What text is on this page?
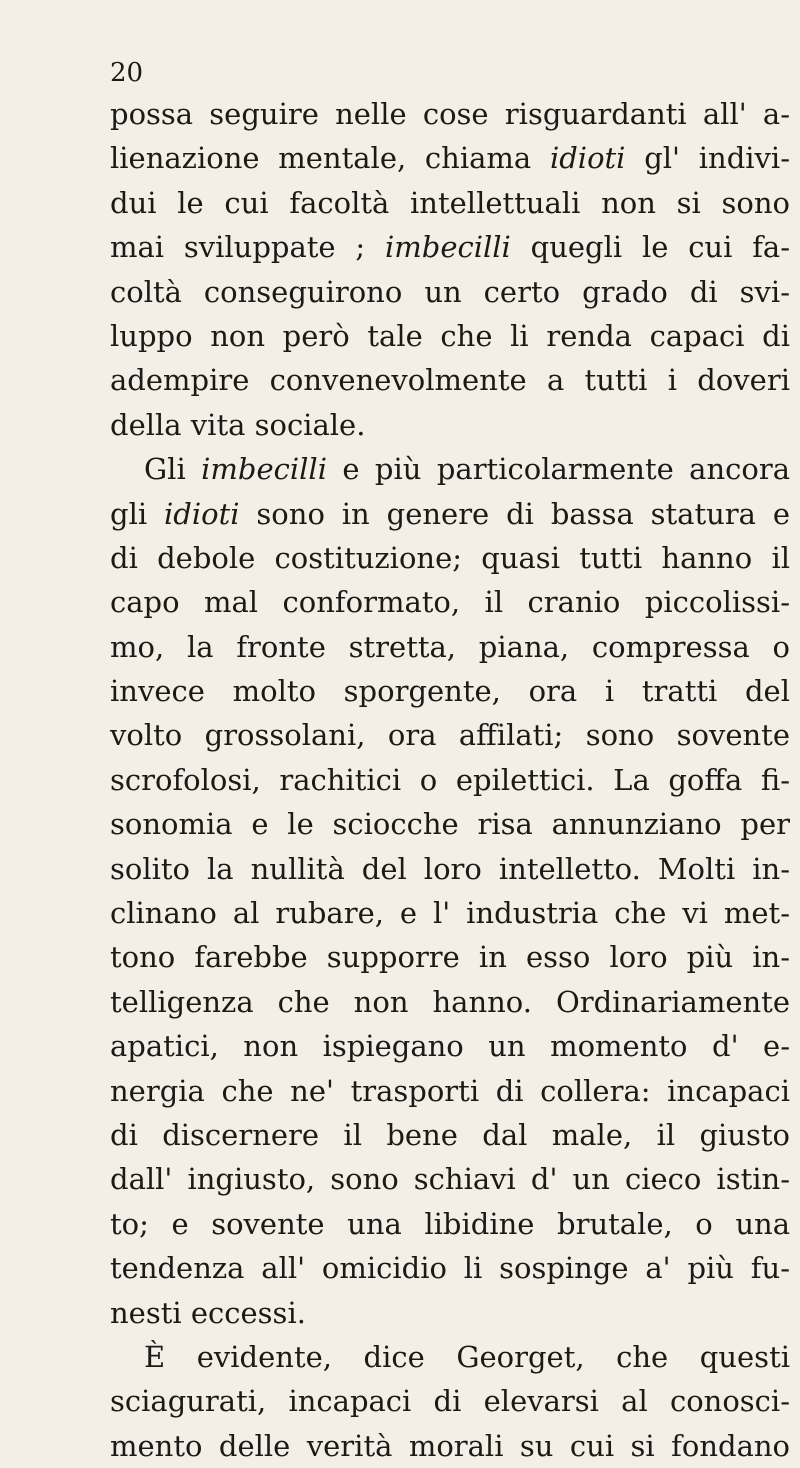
20
possa seguire nelle cose risguardanti all' a-
lienazione mentale, chiama idioti gl' indivi-
dui le cui facoltà intellettuali non si sono
mai sviluppate ; imbecilli quegli le cui fa-
coltà conseguirono un certo grado di svi-
luppo non però tale che li renda capaci di
adempire convenevolmente a tutti i doveri
della vita sociale.
Gli imbecilli e più particolarmente ancora
gli idioti sono in genere di bassa statura e
di debole costituzione; quasi tutti hanno il
capo mal conformato, il cranio piccolissi-
mo, la fronte stretta, piana, compressa o
invece molto sporgente, ora i tratti del
volto grossolani, ora affilati; sono sovente
scrofolosi, rachitici o epilettici. La goffa fi-
sonomia e le sciocche risa annunziano per
solito la nullità del loro intelletto. Molti in-
clinano al rubare, e l' industria che vi met-
tono farebbe supporre in esso loro più in-
telligenza che non hanno. Ordinariamente
apatici, non ispiegano un momento d' e-
nergia che ne' trasporti di collera: incapaci
di discernere il bene dal male, il giusto
dall' ingiusto, sono schiavi d' un cieco istin-
to; e sovente una libidine brutale, o una
tendenza all' omicidio li sospinge a' più fu-
nesti eccessi.
È evidente, dice Georget, che questi
sciagurati, incapaci di elevarsi al conosci-
mento delle verità morali su cui si fondano
